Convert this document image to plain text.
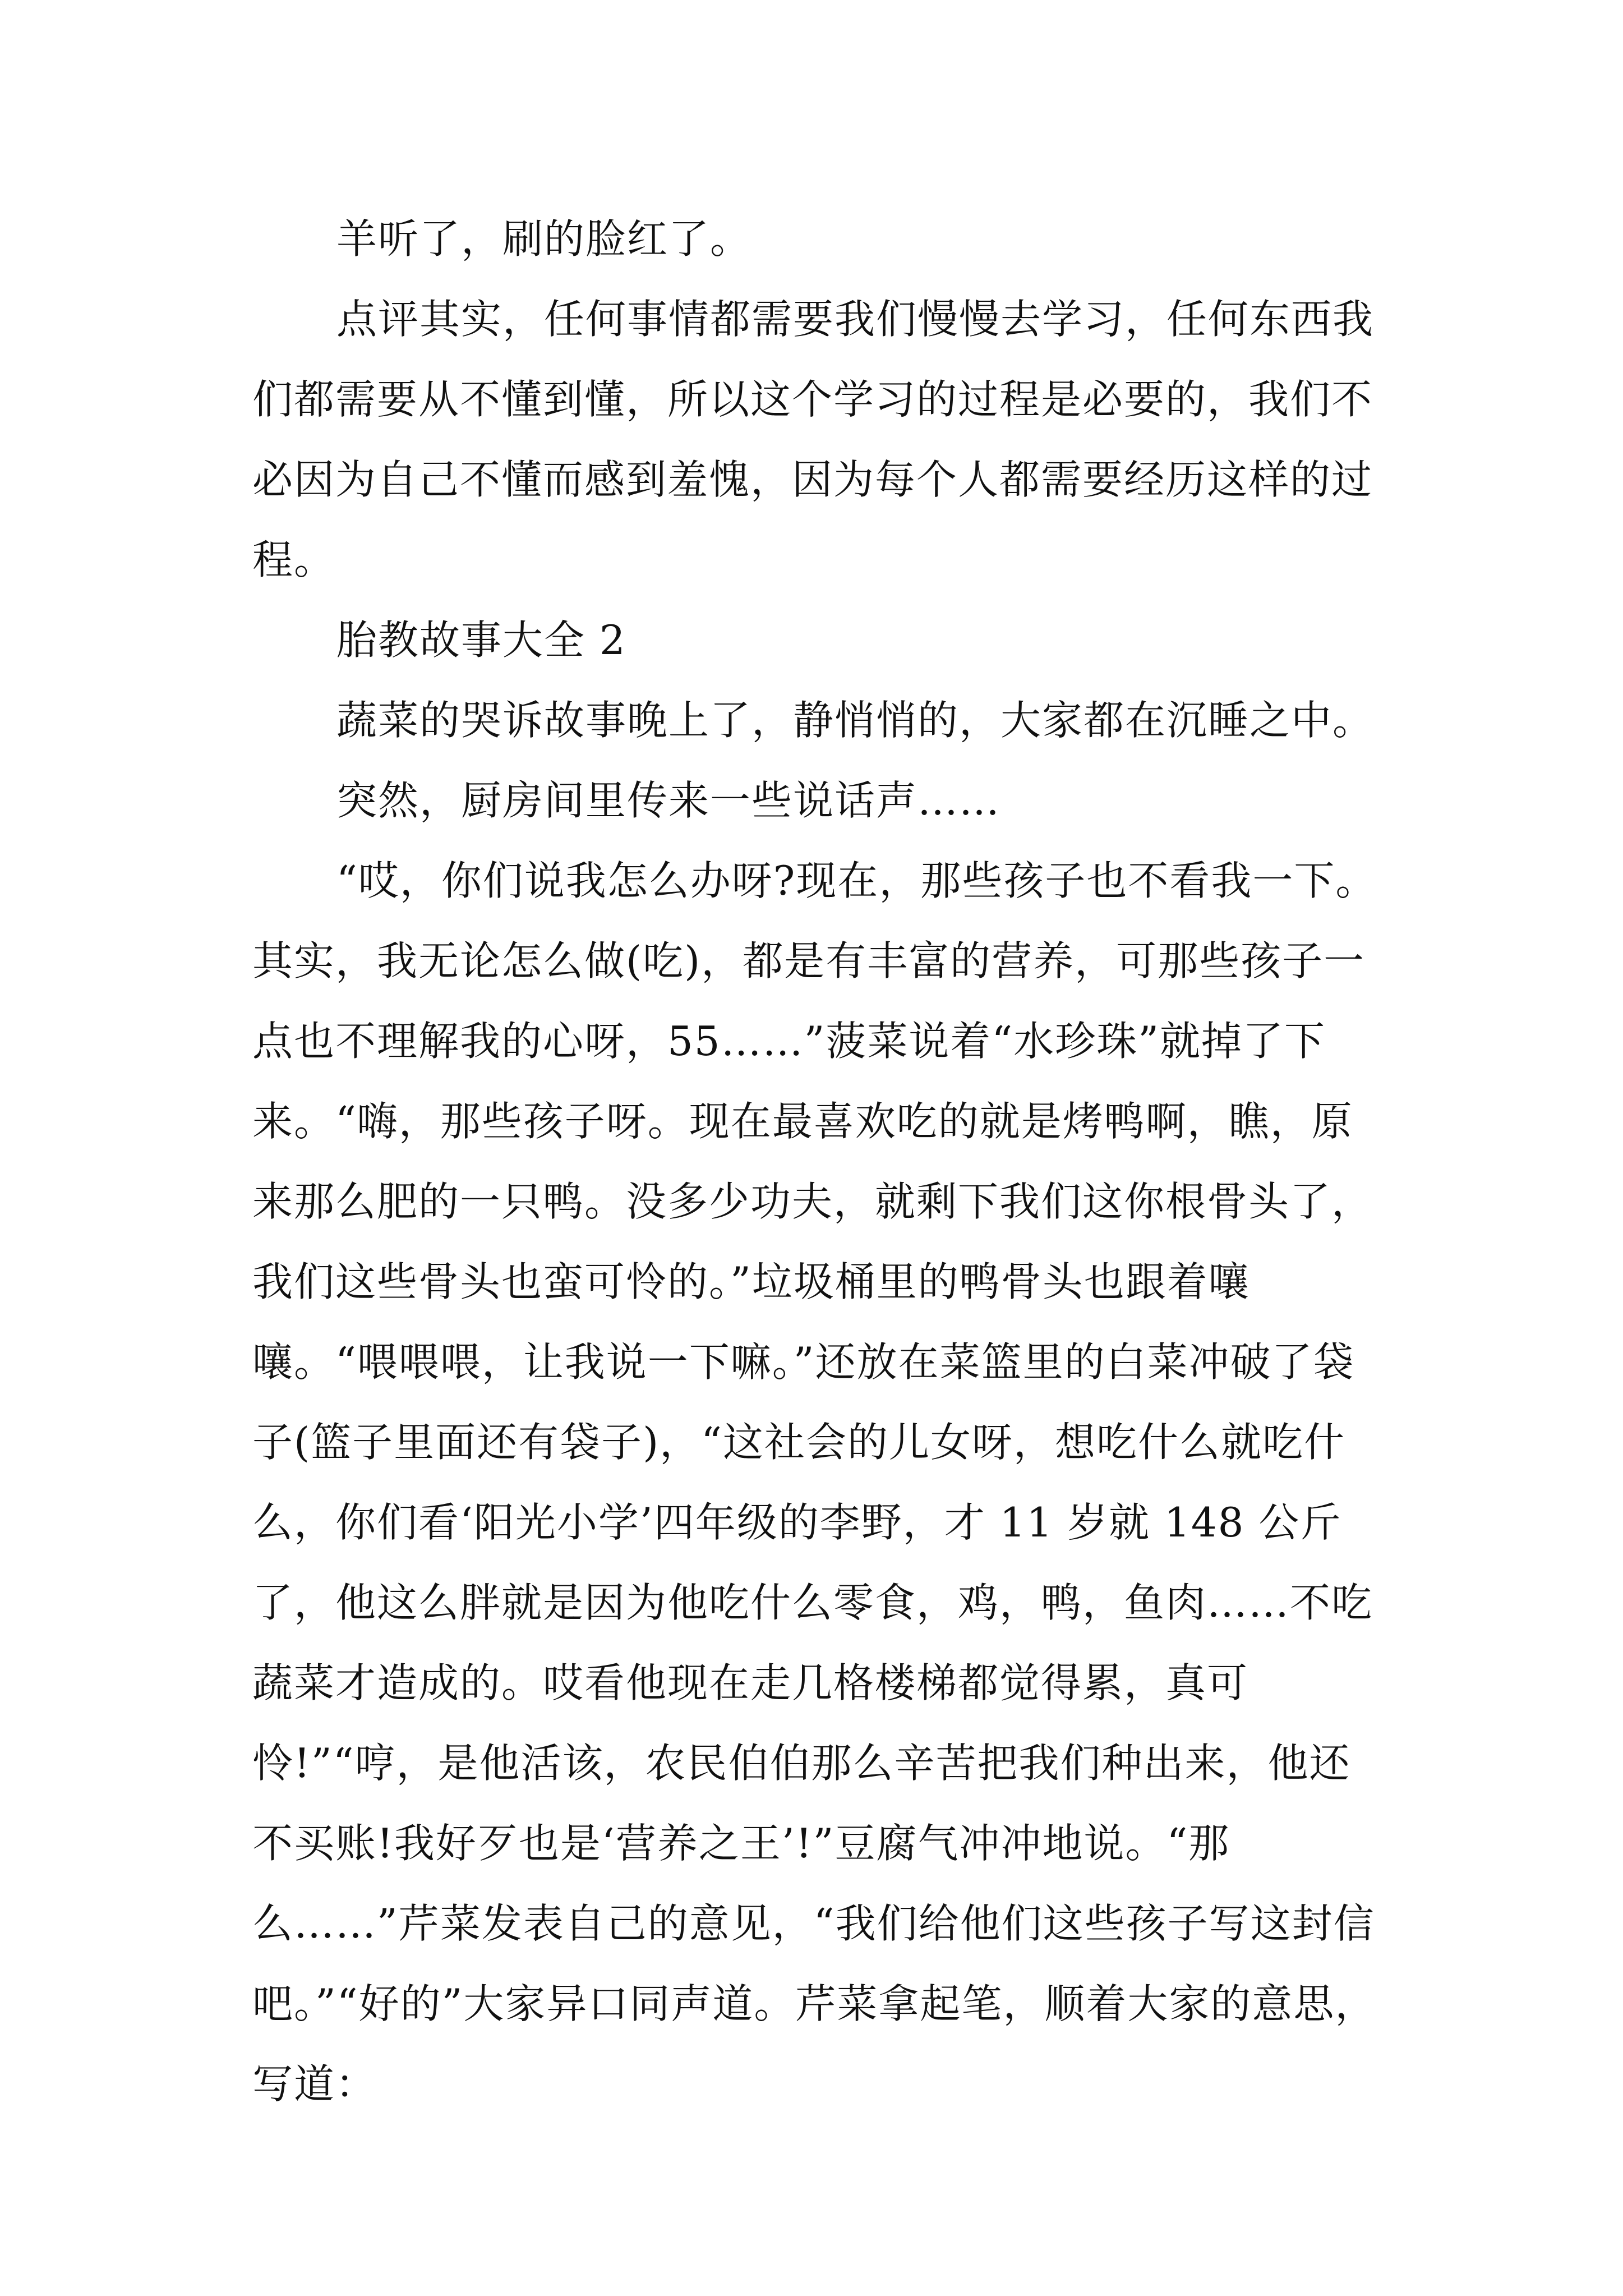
羊听了，刷的脸红了。

点评其实，任何事情都需要我们慢慢去学习，任何东西我们都需要从不懂到懂，所以这个学习的过程是必要的，我们不必因为自己不懂而感到羞愧，因为每个人都需要经历这样的过程。

胎教故事大全 2

蔬菜的哭诉故事晚上了，静悄悄的，大家都在沉睡之中。

突然，厨房间里传来一些说话声……

“哎，你们说我怎么办呀?现在，那些孩子也不看我一下。其实，我无论怎么做(吃)，都是有丰富的营养，可那些孩子一点也不理解我的心呀，55……”菠菜说着“水珍珠”就掉了下来。“嗨，那些孩子呀。现在最喜欢吃的就是烤鸭啊，瞧，原来那么肥的一只鸭。没多少功夫，就剩下我们这你根骨头了，我们这些骨头也蛮可怜的。”垃圾桶里的鸭骨头也跟着嚷嚷。“喂喂喂，让我说一下嘛。”还放在菜篮里的白菜冲破了袋子(篮子里面还有袋子)，“这社会的儿女呀，想吃什么就吃什么，你们看‘阳光小学’四年级的李野，才 11 岁就 148 公斤了，他这么胖就是因为他吃什么零食，鸡，鸭，鱼肉……不吃蔬菜才造成的。哎看他现在走几格楼梯都觉得累，真可怜!”“哼，是他活该，农民伯伯那么辛苦把我们种出来，他还不买账!我好歹也是‘营养之王’!”豆腐气冲冲地说。“那么……”芹菜发表自己的意见，“我们给他们这些孩子写这封信吧。”“好的”大家异口同声道。芹菜拿起笔，顺着大家的意思，写道：
